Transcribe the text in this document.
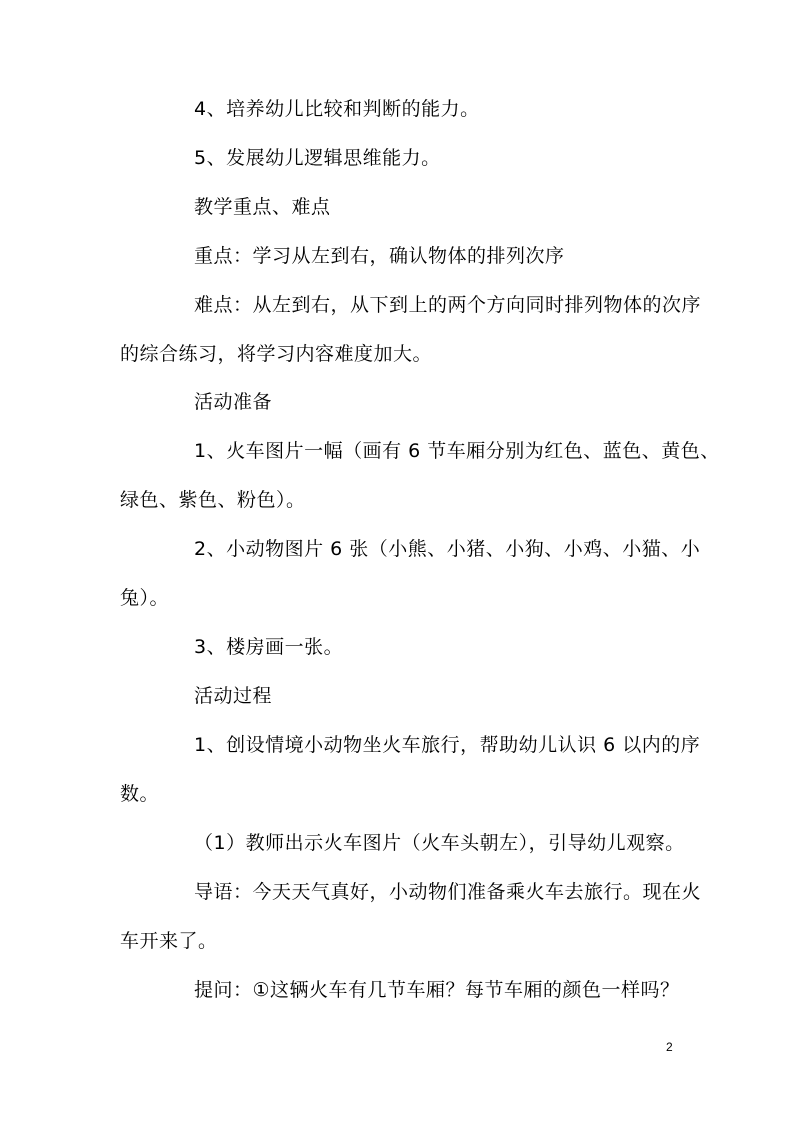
4、培养幼儿比较和判断的能力。
5、发展幼儿逻辑思维能力。
教学重点、难点
重点：学习从左到右，确认物体的排列次序
难点：从左到右，从下到上的两个方向同时排列物体的次序
的综合练习，将学习内容难度加大。
活动准备
1、火车图片一幅（画有 6 节车厢分别为红色、蓝色、黄色、
绿色、紫色、粉色）。
2、小动物图片 6 张（小熊、小猪、小狗、小鸡、小猫、小
兔）。
3、楼房画一张。
活动过程
1、创设情境小动物坐火车旅行，帮助幼儿认识 6 以内的序
数。
（1）教师出示火车图片（火车头朝左），引导幼儿观察。
导语：今天天气真好，小动物们准备乘火车去旅行。现在火
车开来了。
提问：①这辆火车有几节车厢？每节车厢的颜色一样吗？
2
